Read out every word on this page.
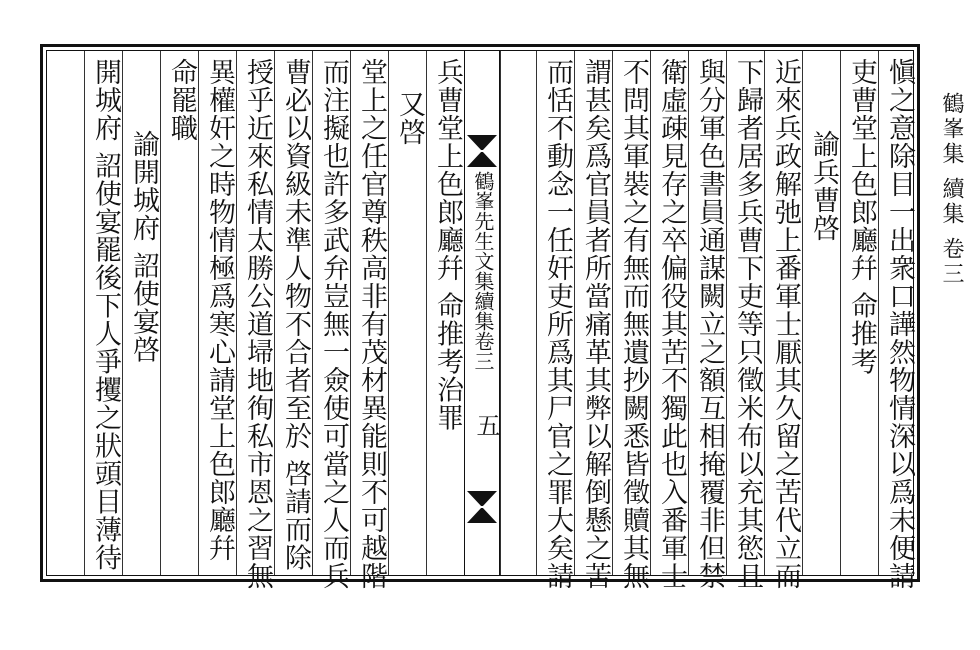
愼之意除目一出衆口譁然物情深以爲未便請
吏曹堂上色郎廳幷 命推考
諭兵曹啓
近來兵政解弛上番軍士厭其久留之苦代立而
下歸者居多兵曹下吏等只徵米布以充其慾且
與分軍色書員通謀闕立之額互相掩覆非但禁
衛虛疎見存之卒偏役其苦不獨此也入番軍士
不問其軍裝之有無而無遺抄闕悉皆徵贖其無
謂甚矣爲官員者所當痛革其弊以解倒懸之苦
而恬不動念一任奸吏所爲其尸官之罪大矣請
鶴峯先生文集續集卷三
五
兵曹堂上色郎廳幷 命推考治罪
又啓
堂上之任官尊秩高非有茂材異能則不可越階
而注擬也許多武弁豈無一僉使可當之人而兵
曹必以資級未準人物不合者至於 啓請而除
授乎近來私情太勝公道埽地徇私市恩之習無
異權奸之時物情極爲寒心請堂上色郎廳幷
命罷職
諭開城府 詔使宴啓
開城府 詔使宴罷後下人爭攫之狀頭目薄待	鶴峯集 續集 卷三
